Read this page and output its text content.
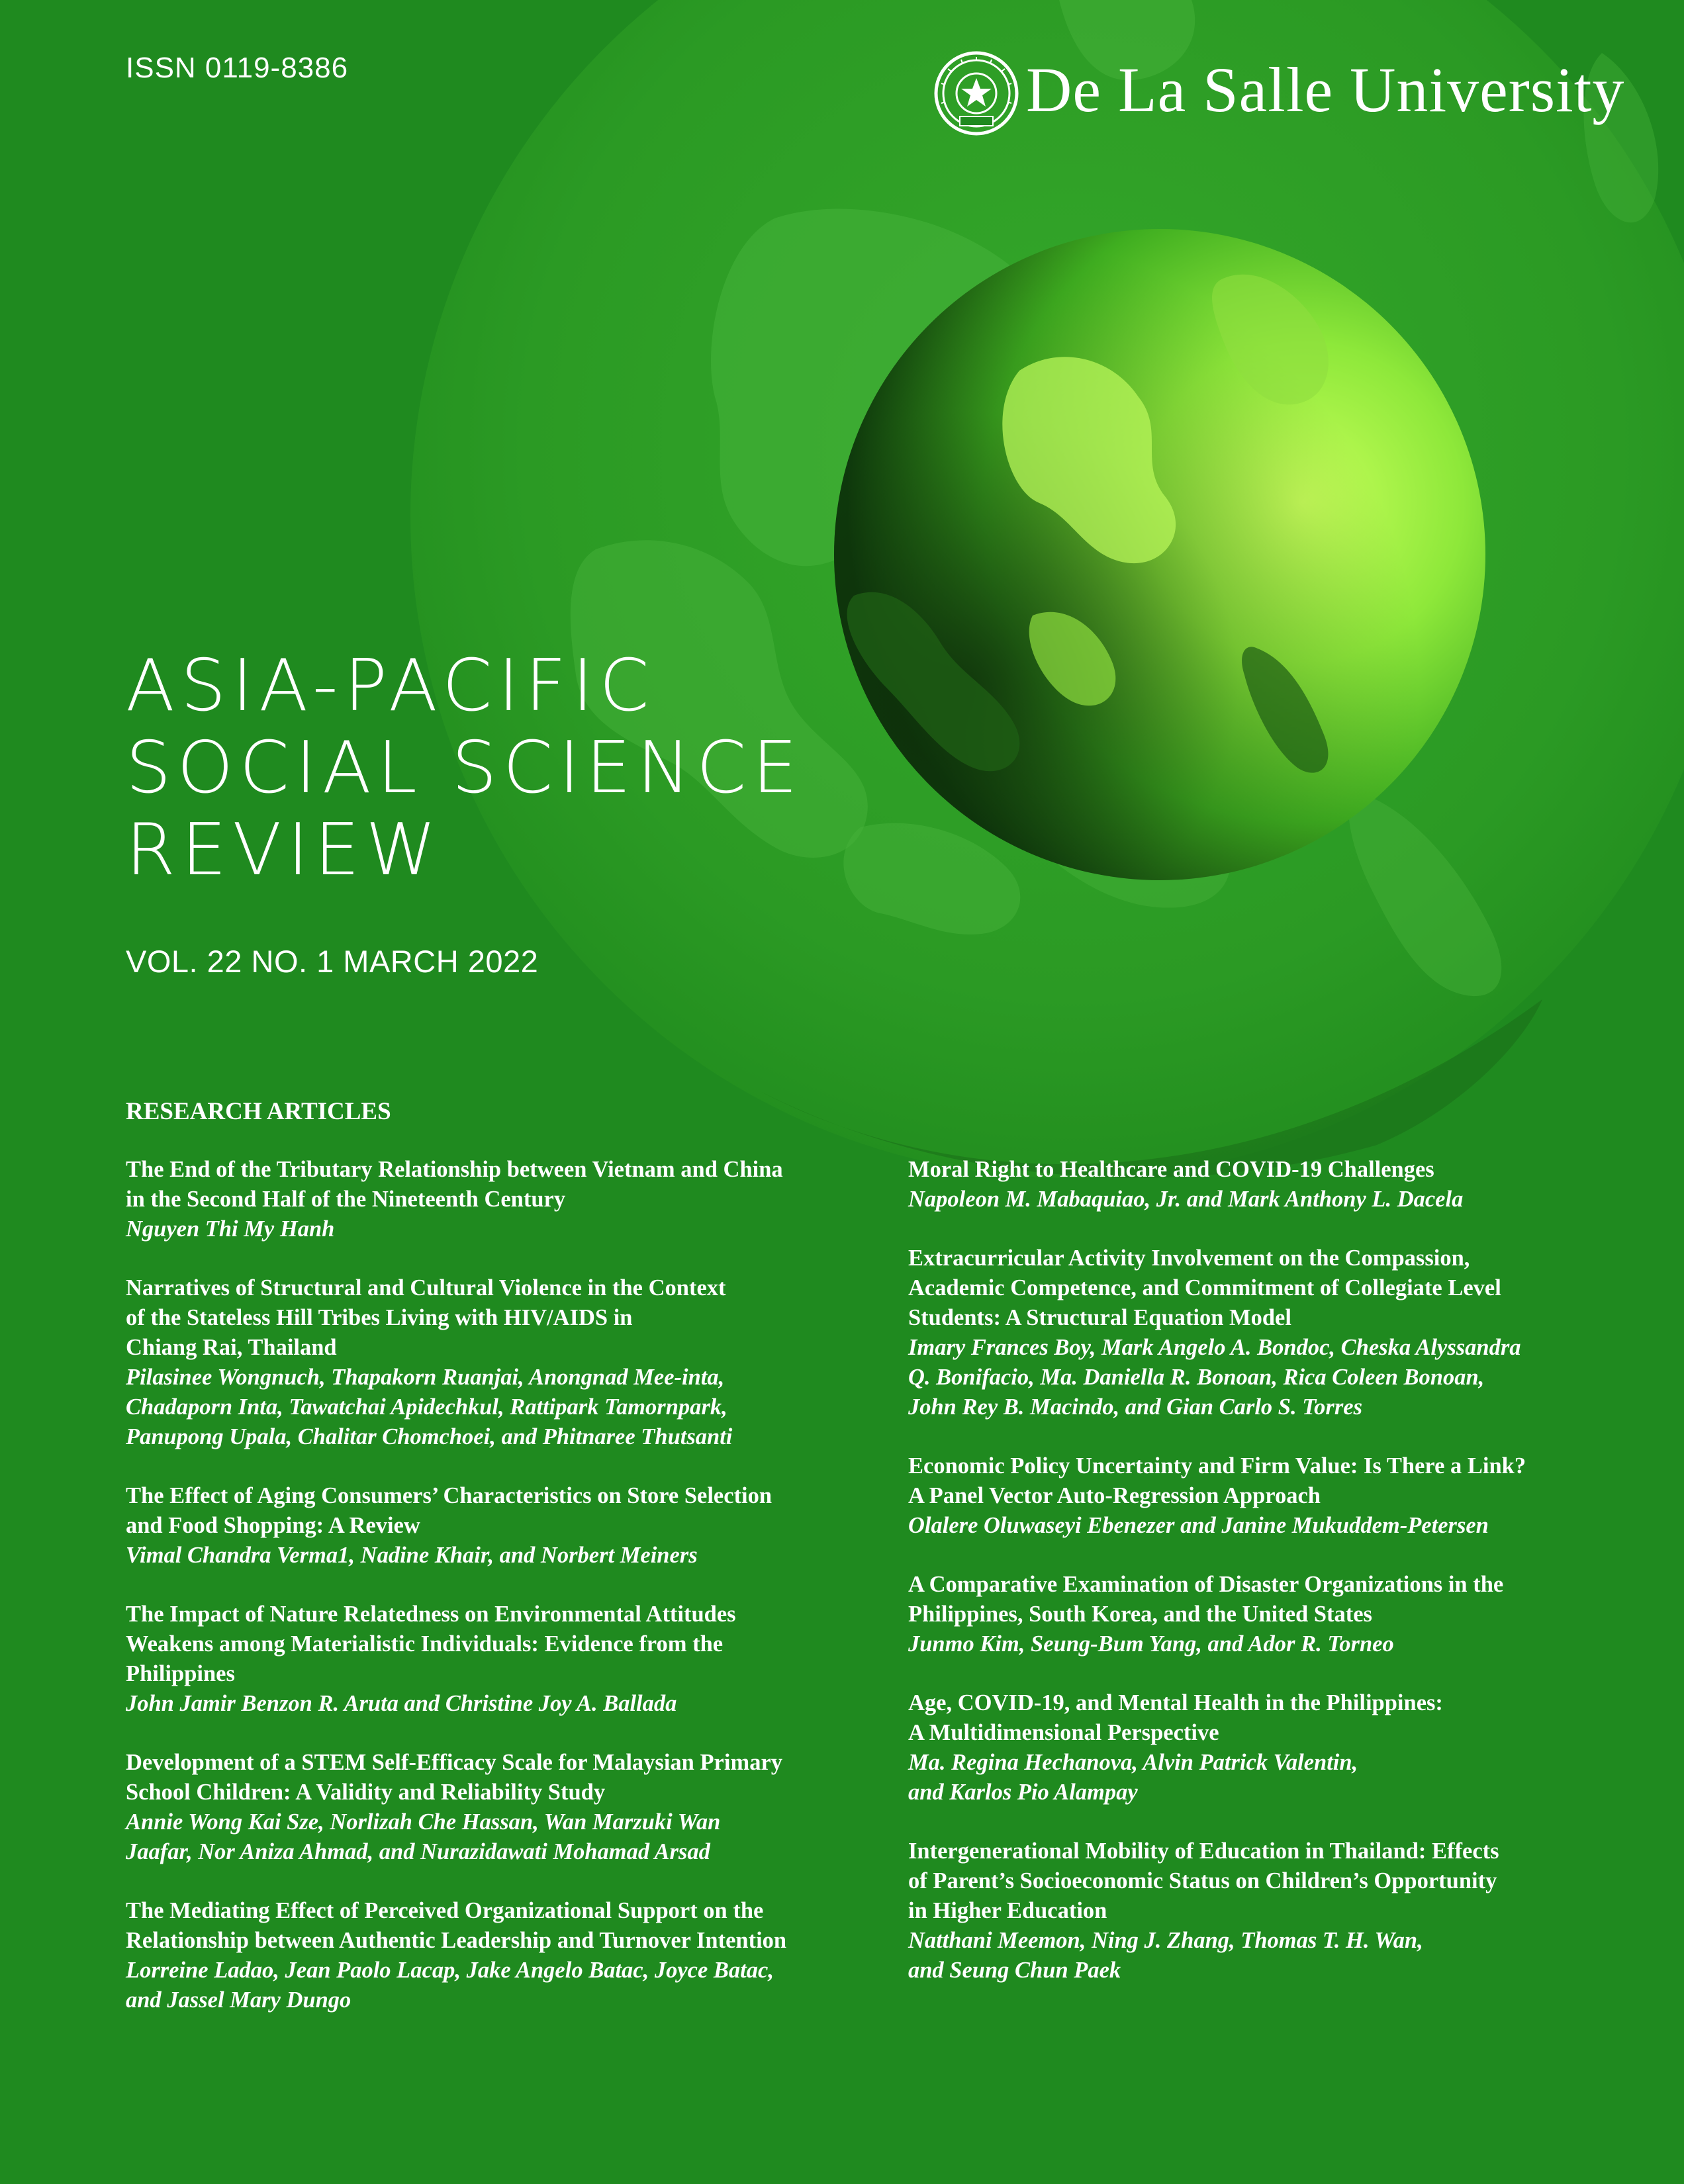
ISSN 0119-8386	De La Salle University
ASIA-PACIFIC
SOCIAL SCIENCE
REVIEW
VOL. 22 NO. 1 MARCH 2022
RESEARCH ARTICLES
The End of the Tributary Relationship between Vietnam and China
in the Second Half of the Nineteenth Century
Nguyen Thi My Hanh
Narratives of Structural and Cultural Violence in the Context
of the Stateless Hill Tribes Living with HIV/AIDS in
Chiang Rai, Thailand
Pilasinee Wongnuch, Thapakorn Ruanjai, Anongnad Mee-inta,
Chadaporn Inta, Tawatchai Apidechkul, Rattipark Tamornpark,
Panupong Upala, Chalitar Chomchoei, and Phitnaree Thutsanti
The Effect of Aging Consumers’ Characteristics on Store Selection
and Food Shopping: A Review
Vimal Chandra Verma1, Nadine Khair, and Norbert Meiners
The Impact of Nature Relatedness on Environmental Attitudes
Weakens among Materialistic Individuals: Evidence from the
Philippines
John Jamir Benzon R. Aruta and Christine Joy A. Ballada
Development of a STEM Self-Efficacy Scale for Malaysian Primary
School Children: A Validity and Reliability Study
Annie Wong Kai Sze, Norlizah Che Hassan, Wan Marzuki Wan
Jaafar, Nor Aniza Ahmad, and Nurazidawati Mohamad Arsad
The Mediating Effect of Perceived Organizational Support on the
Relationship between Authentic Leadership and Turnover Intention
Lorreine Ladao, Jean Paolo Lacap, Jake Angelo Batac, Joyce Batac,
and Jassel Mary Dungo
Moral Right to Healthcare and COVID-19 Challenges
Napoleon M. Mabaquiao, Jr. and Mark Anthony L. Dacela
Extracurricular Activity Involvement on the Compassion,
Academic Competence, and Commitment of Collegiate Level
Students: A Structural Equation Model
Imary Frances Boy, Mark Angelo A. Bondoc, Cheska Alyssandra
Q. Bonifacio, Ma. Daniella R. Bonoan, Rica Coleen Bonoan,
John Rey B. Macindo, and Gian Carlo S. Torres
Economic Policy Uncertainty and Firm Value: Is There a Link?
A Panel Vector Auto-Regression Approach
Olalere Oluwaseyi Ebenezer and Janine Mukuddem-Petersen
A Comparative Examination of Disaster Organizations in the
Philippines, South Korea, and the United States
Junmo Kim, Seung-Bum Yang, and Ador R. Torneo
Age, COVID-19, and Mental Health in the Philippines:
A Multidimensional Perspective
Ma. Regina Hechanova, Alvin Patrick Valentin,
and Karlos Pio Alampay
Intergenerational Mobility of Education in Thailand: Effects
of Parent’s Socioeconomic Status on Children’s Opportunity
in Higher Education
Natthani Meemon, Ning J. Zhang, Thomas T. H. Wan,
and Seung Chun Paek
